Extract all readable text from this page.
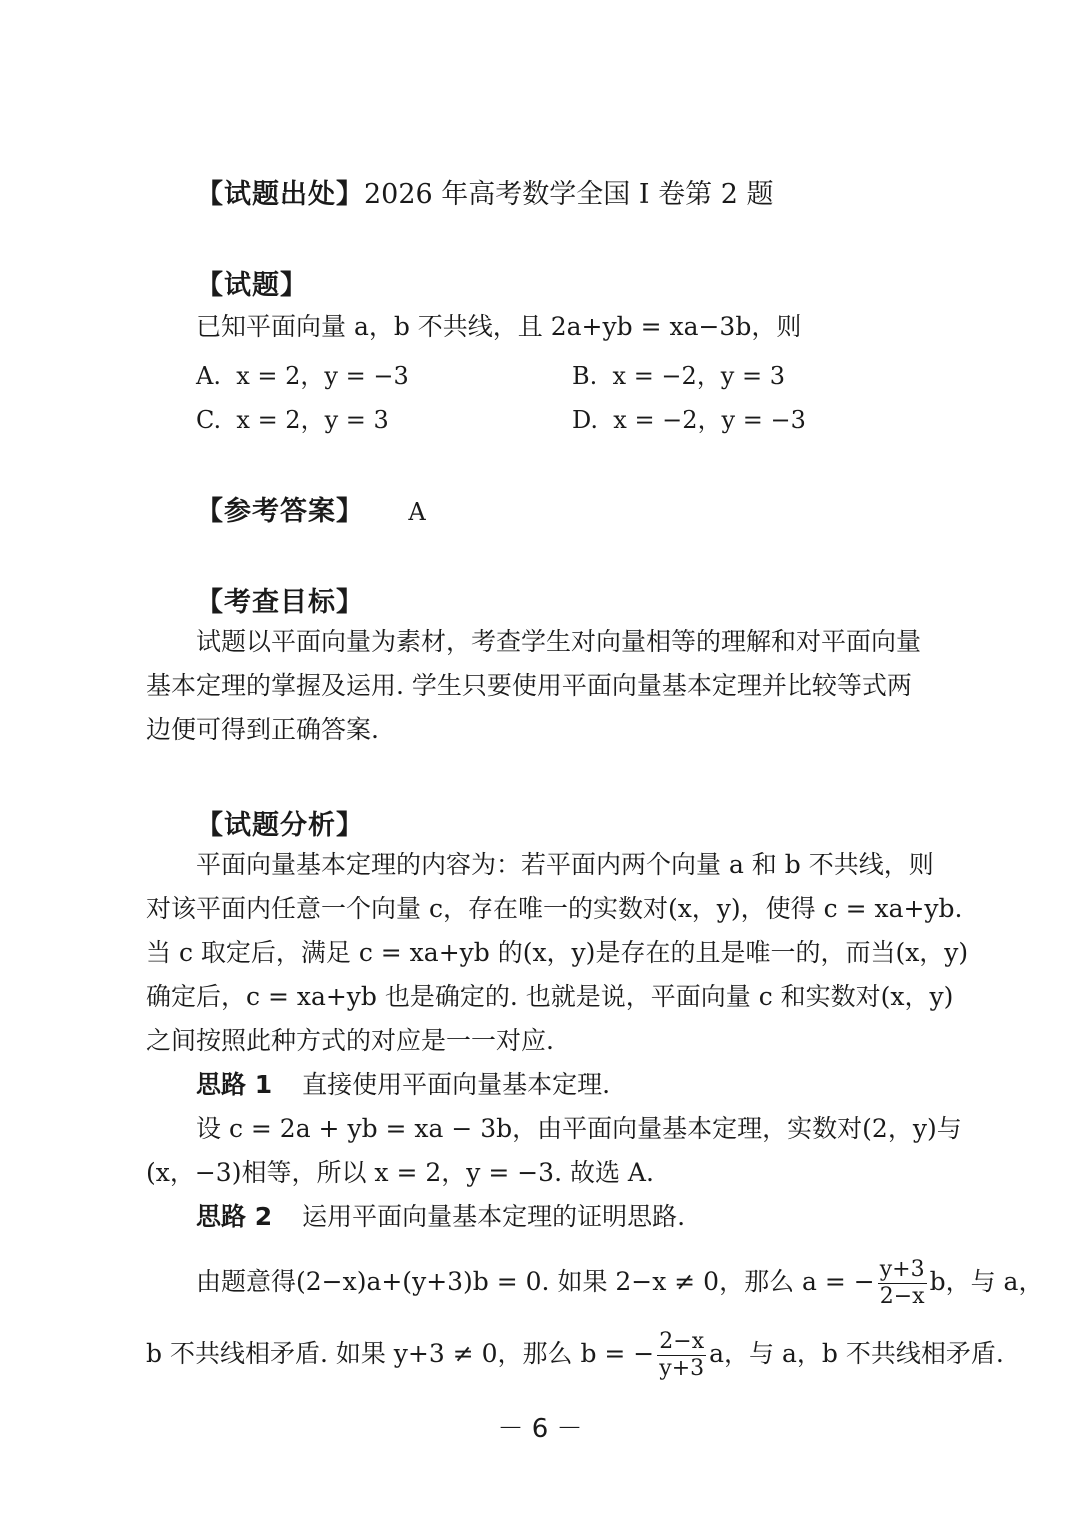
【试题出处】2026 年高考数学全国 I 卷第 2 题
【试题】
已知平面向量 a，b 不共线，且 2a+yb = xa−3b，则
A. x = 2，y = −3	B. x = −2，y = 3
C. x = 2，y = 3	D. x = −2，y = −3
【参考答案】 A
【考查目标】
试题以平面向量为素材，考查学生对向量相等的理解和对平面向量
基本定理的掌握及运用. 学生只要使用平面向量基本定理并比较等式两
边便可得到正确答案.
【试题分析】
平面向量基本定理的内容为：若平面内两个向量 a 和 b 不共线，则
对该平面内任意一个向量 c，存在唯一的实数对(x，y)，使得 c = xa+yb.
当 c 取定后，满足 c = xa+yb 的(x，y)是存在的且是唯一的，而当(x，y)
确定后，c = xa+yb 也是确定的. 也就是说，平面向量 c 和实数对(x，y)
之间按照此种方式的对应是一一对应.
思路 1 直接使用平面向量基本定理.
设 c = 2a + yb = xa − 3b，由平面向量基本定理，实数对(2，y)与
(x，−3)相等，所以 x = 2，y = −3. 故选 A.
思路 2 运用平面向量基本定理的证明思路.
由题意得(2−x)a+(y+3)b = 0. 如果 2−x ≠ 0，那么 a = − $\frac{y+3}{2-x}$ b，与 a，
b 不共线相矛盾. 如果 y+3 ≠ 0，那么 b = − $\frac{2-x}{y+3}$ a，与 a，b 不共线相矛盾.
－ 6 －
